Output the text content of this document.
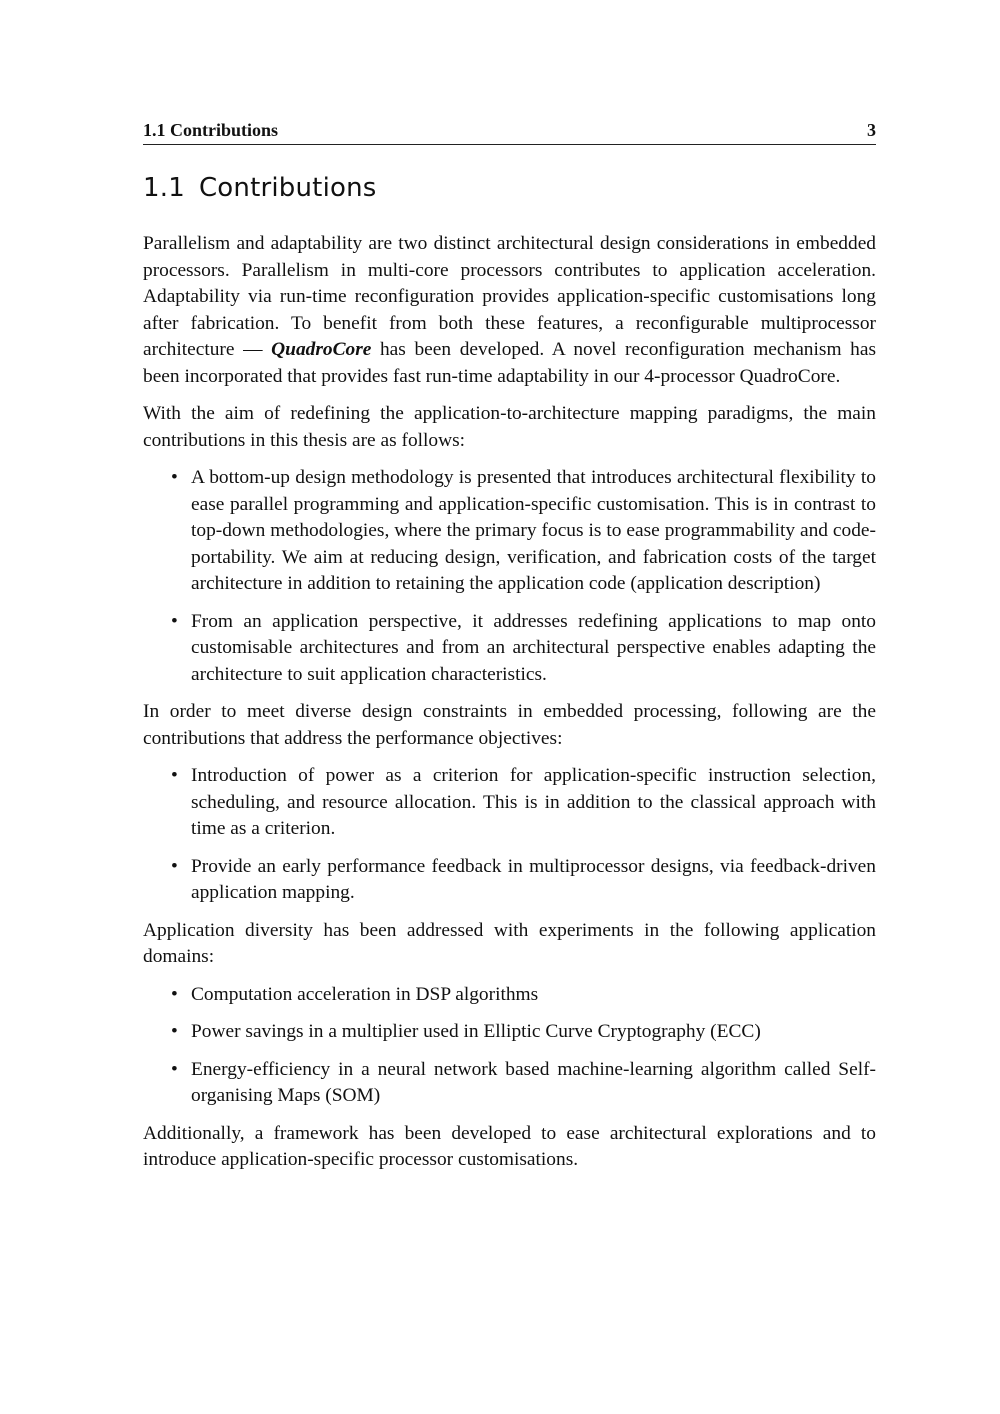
1.1 Contributions	3
1.1 Contributions

Parallelism and adaptability are two distinct architectural design considerations in embedded processors. Parallelism in multi-core processors contributes to application acceleration. Adaptability via run-time reconfiguration provides application-specific customisations long after fabrication. To benefit from both these features, a reconfigurable multiprocessor architecture — QuadroCore has been developed. A novel reconfiguration mechanism has been incorporated that provides fast run-time adaptability in our 4-processor QuadroCore.

With the aim of redefining the application-to-architecture mapping paradigms, the main contributions in this thesis are as follows:

• A bottom-up design methodology is presented that introduces architectural flexibility to ease parallel programming and application-specific customisation. This is in contrast to top-down methodologies, where the primary focus is to ease programmability and code-portability. We aim at reducing design, verification, and fabrication costs of the target architecture in addition to retaining the application code (application description)
• From an application perspective, it addresses redefining applications to map onto customisable architectures and from an architectural perspective enables adapting the architecture to suit application characteristics.

In order to meet diverse design constraints in embedded processing, following are the contributions that address the performance objectives:

• Introduction of power as a criterion for application-specific instruction selection, scheduling, and resource allocation. This is in addition to the classical approach with time as a criterion.
• Provide an early performance feedback in multiprocessor designs, via feedback-driven application mapping.

Application diversity has been addressed with experiments in the following application domains:

• Computation acceleration in DSP algorithms
• Power savings in a multiplier used in Elliptic Curve Cryptography (ECC)
• Energy-efficiency in a neural network based machine-learning algorithm called Self-organising Maps (SOM)

Additionally, a framework has been developed to ease architectural explorations and to introduce application-specific processor customisations.
